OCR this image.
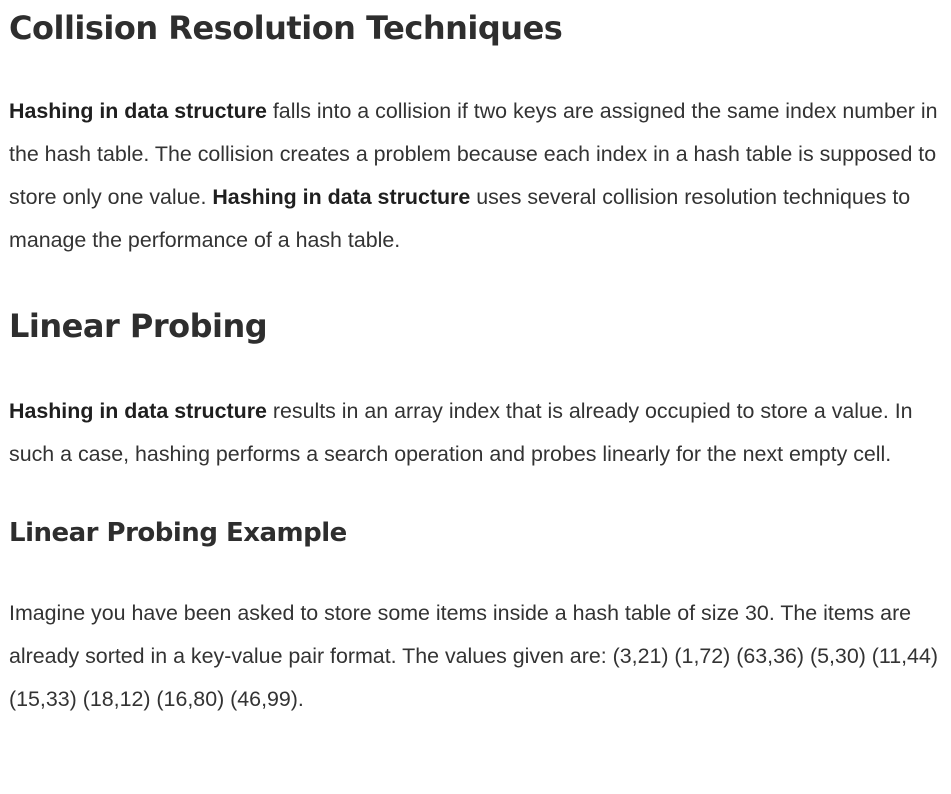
Collision Resolution Techniques

Hashing in data structure falls into a collision if two keys are assigned the same index number in the hash table. The collision creates a problem because each index in a hash table is supposed to store only one value. Hashing in data structure uses several collision resolution techniques to manage the performance of a hash table.

Linear Probing

Hashing in data structure results in an array index that is already occupied to store a value. In such a case, hashing performs a search operation and probes linearly for the next empty cell.

Linear Probing Example

Imagine you have been asked to store some items inside a hash table of size 30. The items are already sorted in a key-value pair format. The values given are: (3,21) (1,72) (63,36) (5,30) (11,44) (15,33) (18,12) (16,80) (46,99).
